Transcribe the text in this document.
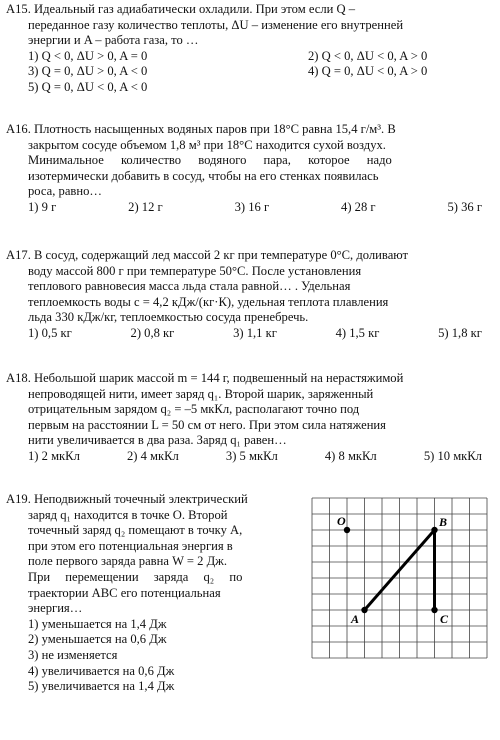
А15. Идеальный газ адиабатически охладили. При этом если Q –
переданное газу количество теплоты, ΔU – изменение его внутренней
энергии и A – работа газа, то …
1) Q < 0, ΔU > 0, A = 0	2) Q < 0, ΔU < 0, A > 0
3) Q = 0, ΔU > 0, A < 0	4) Q = 0, ΔU < 0, A > 0
5) Q = 0, ΔU < 0, A < 0
А16. Плотность насыщенных водяных паров при 18°C равна 15,4 г/м³. В
закрытом сосуде объемом 1,8 м³ при 18°C находится сухой воздух.
Минимальное количество водяного пара, которое надо
изотермически добавить в сосуд, чтобы на его стенках появилась
роса, равно…
1) 9 г	2) 12 г	3) 16 г	4) 28 г	5) 36 г
А17. В сосуд, содержащий лед массой 2 кг при температуре 0°C, доливают
воду массой 800 г при температуре 50°C. После установления
теплового равновесия масса льда стала равной… . Удельная
теплоемкость воды c = 4,2 кДж/(кг·К), удельная теплота плавления
льда 330 кДж/кг, теплоемкостью сосуда пренебречь.
1) 0,5 кг	2) 0,8 кг	3) 1,1 кг	4) 1,5 кг	5) 1,8 кг
А18. Небольшой шарик массой m = 144 г, подвешенный на нерастяжимой
непроводящей нити, имеет заряд q₁. Второй шарик, заряженный
отрицательным зарядом q₂ = –5 мкКл, располагают точно под
первым на расстоянии L = 50 см от него. При этом сила натяжения
нити увеличивается в два раза. Заряд q₁ равен…
1) 2 мкКл	2) 4 мкКл	3) 5 мкКл	4) 8 мкКл	5) 10 мкКл
А19. Неподвижный точечный электрический
заряд q₁ находится в точке O. Второй
точечный заряд q₂ помещают в точку A,
при этом его потенциальная энергия в
поле первого заряда равна W = 2 Дж.
При перемещении заряда q₂ по
траектории ABC его потенциальная
энергия…
1) уменьшается на 1,4 Дж
2) уменьшается на 0,6 Дж
3) не изменяется
4) увеличивается на 0,6 Дж
5) увеличивается на 1,4 Дж
O
A
B
C
